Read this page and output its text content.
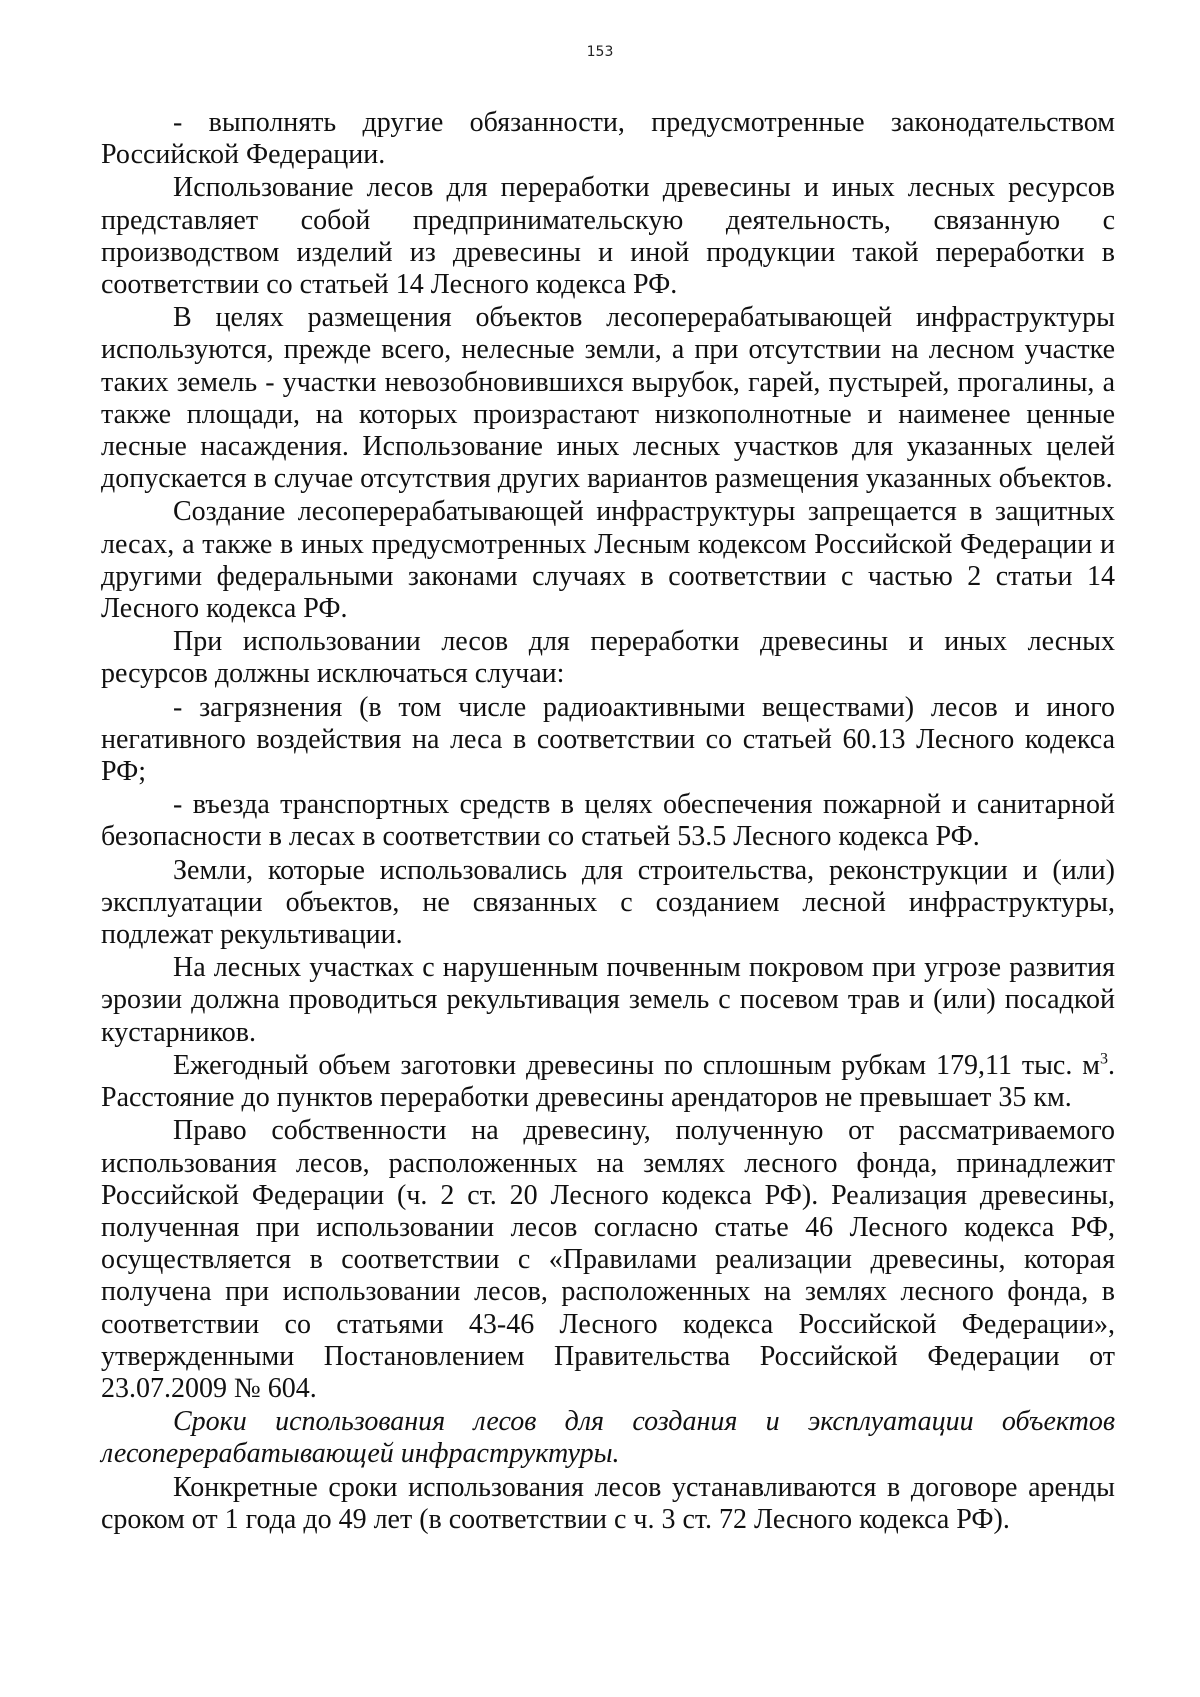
153

- выполнять другие обязанности, предусмотренные законодательством Российской Федерации.

Использование лесов для переработки древесины и иных лесных ресурсов представляет собой предпринимательскую деятельность, связанную с производством изделий из древесины и иной продукции такой переработки в соответствии со статьей 14 Лесного кодекса РФ.

В целях размещения объектов лесоперерабатывающей инфраструктуры используются, прежде всего, нелесные земли, а при отсутствии на лесном участке таких земель - участки невозобновившихся вырубок, гарей, пустырей, прогалины, а также площади, на которых произрастают низкополнотные и наименее ценные лесные насаждения. Использование иных лесных участков для указанных целей допускается в случае отсутствия других вариантов размещения указанных объектов.

Создание лесоперерабатывающей инфраструктуры запрещается в защитных лесах, а также в иных предусмотренных Лесным кодексом Российской Федерации и другими федеральными законами случаях в соответствии с частью 2 статьи 14 Лесного кодекса РФ.

При использовании лесов для переработки древесины и иных лесных ресурсов должны исключаться случаи:

- загрязнения (в том числе радиоактивными веществами) лесов и иного негативного воздействия на леса в соответствии со статьей 60.13 Лесного кодекса РФ;

- въезда транспортных средств в целях обеспечения пожарной и санитарной безопасности в лесах в соответствии со статьей 53.5 Лесного кодекса РФ.

Земли, которые использовались для строительства, реконструкции и (или) эксплуатации объектов, не связанных с созданием лесной инфраструктуры, подлежат рекультивации.

На лесных участках с нарушенным почвенным покровом при угрозе развития эрозии должна проводиться рекультивация земель с посевом трав и (или) посадкой кустарников.

Ежегодный объем заготовки древесины по сплошным рубкам 179,11 тыс. $м^3$. Расстояние до пунктов переработки древесины арендаторов не превышает 35 км.

Право собственности на древесину, полученную от рассматриваемого использования лесов, расположенных на землях лесного фонда, принадлежит Российской Федерации (ч. 2 ст. 20 Лесного кодекса РФ). Реализация древесины, полученная при использовании лесов согласно статье 46 Лесного кодекса РФ, осуществляется в соответствии с «Правилами реализации древесины, которая получена при использовании лесов, расположенных на землях лесного фонда, в соответствии со статьями 43-46 Лесного кодекса Российской Федерации», утвержденными Постановлением Правительства Российской Федерации от 23.07.2009 № 604.

Сроки использования лесов для создания и эксплуатации объектов лесоперерабатывающей инфраструктуры.

Конкретные сроки использования лесов устанавливаются в договоре аренды сроком от 1 года до 49 лет (в соответствии с ч. 3 ст. 72 Лесного кодекса РФ).
